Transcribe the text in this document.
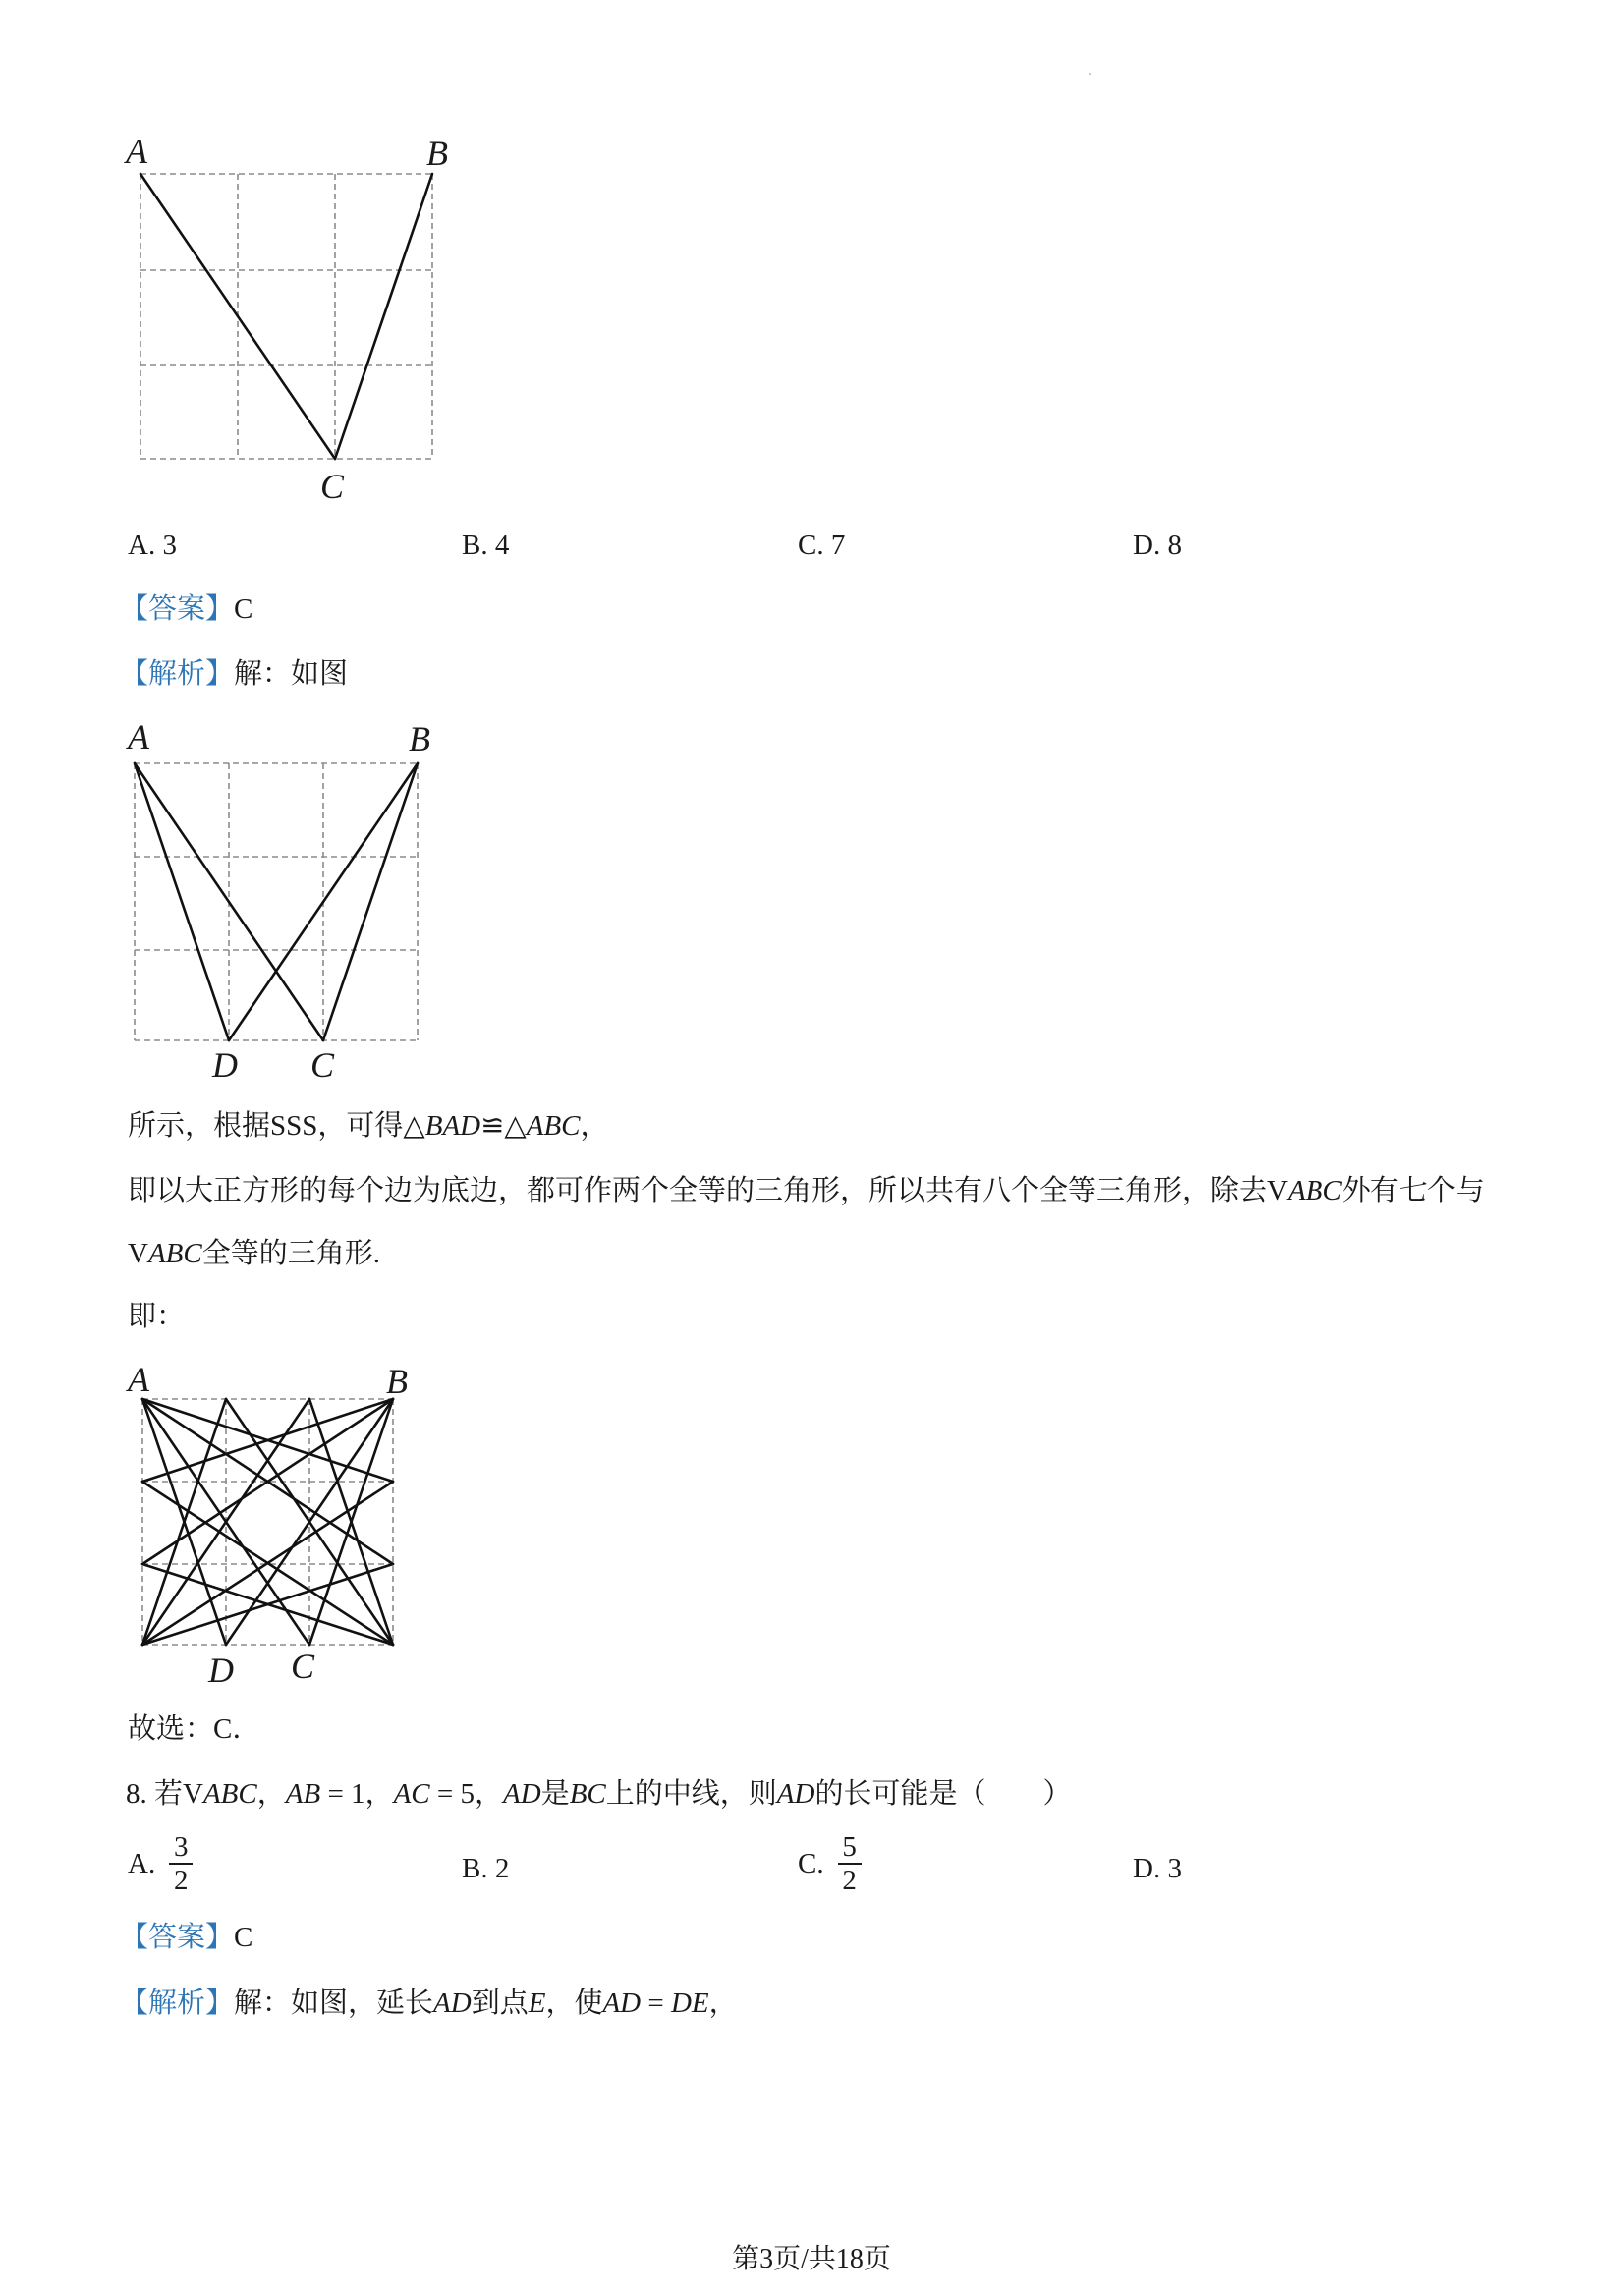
A	B
C
A. 3	B. 4	C. 7	D. 8
【答案】C
【解析】解：如图
A	B
D C
所示，根据SSS，可得△BAD≌△ABC，
即以大正方形的每个边为底边，都可作两个全等的三角形，所以共有八个全等三角形，除去VABC外有七个与
VABC全等的三角形.
即：
A	B
D C
故选：C．
8. 若VABC，AB = 1，AC = 5，AD是BC上的中线，则AD的长可能是（　　）
A. $\frac{3}{2}$	B. 2	C. $\frac{5}{2}$	D. 3
【答案】C
【解析】解：如图，延长AD到点E，使AD = DE，
第3页/共18页
